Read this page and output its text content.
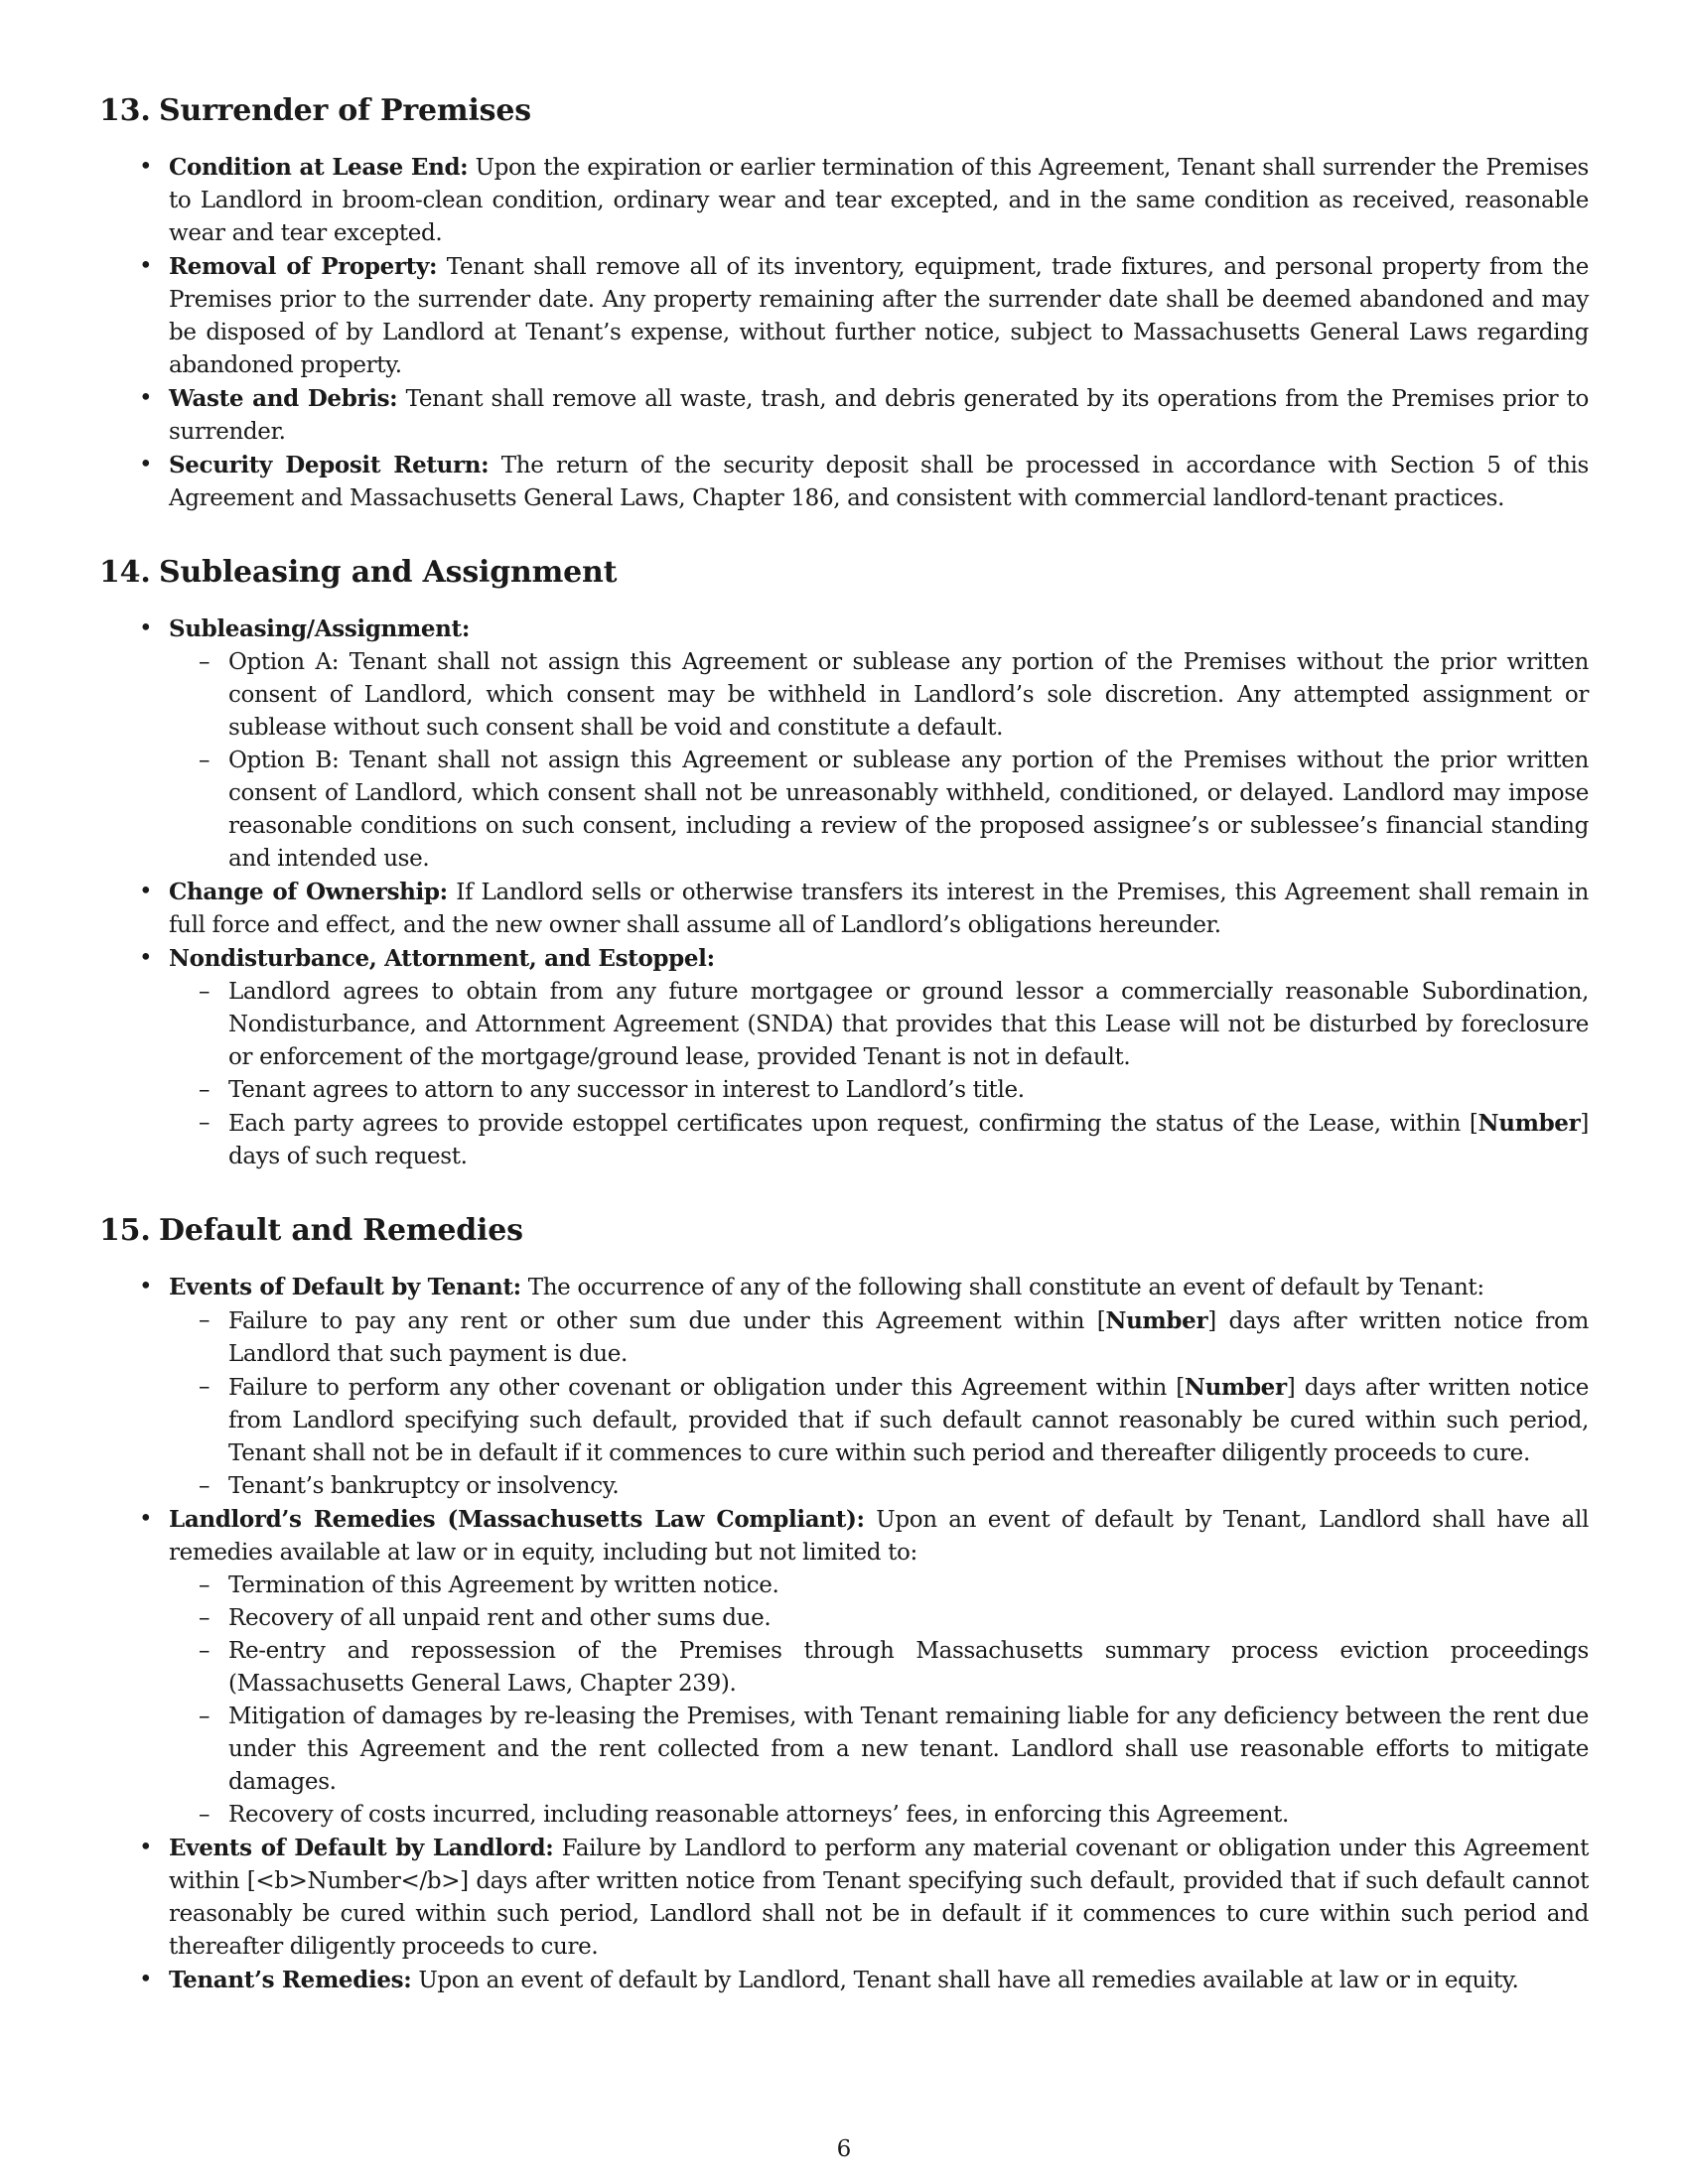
13. Surrender of Premises
• Condition at Lease End: Upon the expiration or earlier termination of this Agreement, Tenant shall surrender the Premises to Landlord in broom-clean condition, ordinary wear and tear excepted, and in the same condition as received, reasonable wear and tear excepted.
• Removal of Property: Tenant shall remove all of its inventory, equipment, trade fixtures, and personal property from the Premises prior to the surrender date. Any property remaining after the surrender date shall be deemed abandoned and may be disposed of by Landlord at Tenant’s expense, without further notice, subject to Massachusetts General Laws regarding abandoned property.
• Waste and Debris: Tenant shall remove all waste, trash, and debris generated by its operations from the Premises prior to surrender.
• Security Deposit Return: The return of the security deposit shall be processed in accordance with Section 5 of this Agreement and Massachusetts General Laws, Chapter 186, and consistent with commercial landlord-tenant practices.
14. Subleasing and Assignment
• Subleasing/Assignment:
– Option A: Tenant shall not assign this Agreement or sublease any portion of the Premises without the prior written consent of Landlord, which consent may be withheld in Landlord’s sole discretion. Any attempted assignment or sublease without such consent shall be void and constitute a default.
– Option B: Tenant shall not assign this Agreement or sublease any portion of the Premises without the prior written consent of Landlord, which consent shall not be unreasonably withheld, conditioned, or delayed. Landlord may impose reasonable conditions on such consent, including a review of the proposed assignee’s or sublessee’s financial standing and intended use.
• Change of Ownership: If Landlord sells or otherwise transfers its interest in the Premises, this Agreement shall remain in full force and effect, and the new owner shall assume all of Landlord’s obligations hereunder.
• Nondisturbance, Attornment, and Estoppel:
– Landlord agrees to obtain from any future mortgagee or ground lessor a commercially reasonable Subordination, Nondisturbance, and Attornment Agreement (SNDA) that provides that this Lease will not be disturbed by foreclosure or enforcement of the mortgage/ground lease, provided Tenant is not in default.
– Tenant agrees to attorn to any successor in interest to Landlord’s title.
– Each party agrees to provide estoppel certificates upon request, confirming the status of the Lease, within [Number] days of such request.
15. Default and Remedies
• Events of Default by Tenant: The occurrence of any of the following shall constitute an event of default by Tenant:
– Failure to pay any rent or other sum due under this Agreement within [Number] days after written notice from Landlord that such payment is due.
– Failure to perform any other covenant or obligation under this Agreement within [Number] days after written notice from Landlord specifying such default, provided that if such default cannot reasonably be cured within such period, Tenant shall not be in default if it commences to cure within such period and thereafter diligently proceeds to cure.
– Tenant’s bankruptcy or insolvency.
• Landlord’s Remedies (Massachusetts Law Compliant): Upon an event of default by Tenant, Landlord shall have all remedies available at law or in equity, including but not limited to:
– Termination of this Agreement by written notice.
– Recovery of all unpaid rent and other sums due.
– Re-entry and repossession of the Premises through Massachusetts summary process eviction proceedings (Massachusetts General Laws, Chapter 239).
– Mitigation of damages by re-leasing the Premises, with Tenant remaining liable for any deficiency between the rent due under this Agreement and the rent collected from a new tenant. Landlord shall use reasonable efforts to mitigate damages.
– Recovery of costs incurred, including reasonable attorneys’ fees, in enforcing this Agreement.
• Events of Default by Landlord: Failure by Landlord to perform any material covenant or obligation under this Agreement within [<b>Number</b>] days after written notice from Tenant specifying such default, provided that if such default cannot reasonably be cured within such period, Landlord shall not be in default if it commences to cure within such period and thereafter diligently proceeds to cure.
• Tenant’s Remedies: Upon an event of default by Landlord, Tenant shall have all remedies available at law or in equity.
6
